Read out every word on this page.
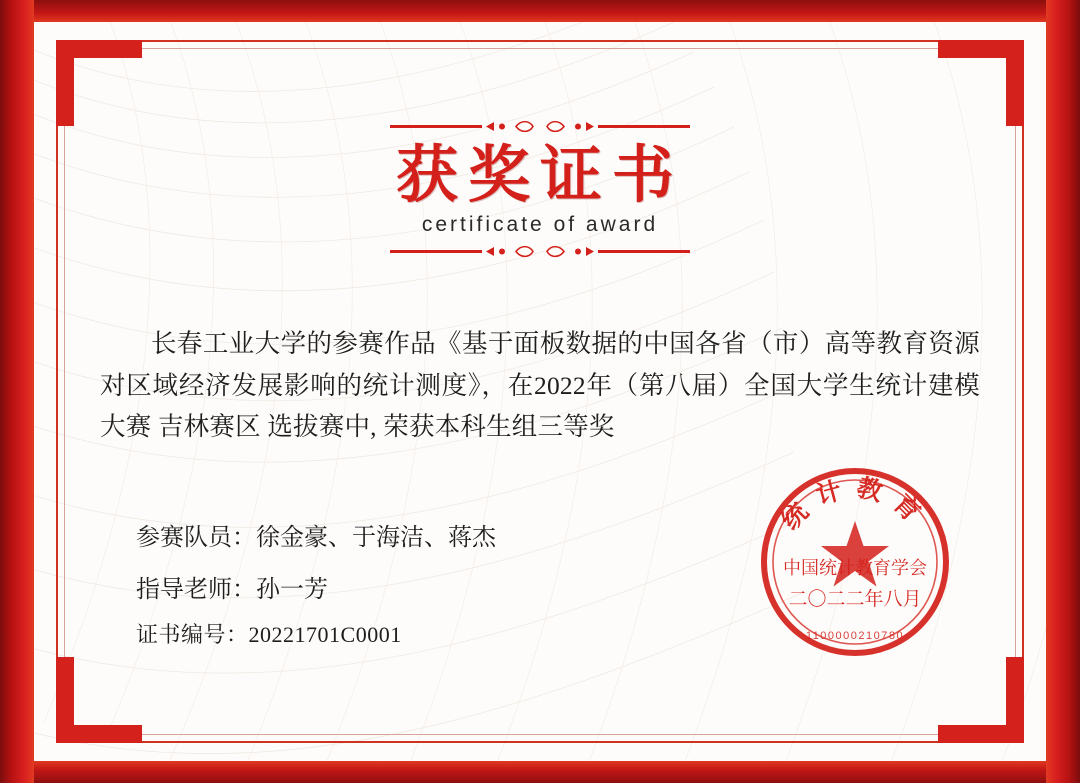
获奖证书
certificate of award
长春工业大学的参赛作品《基于面板数据的中国各省（市）高等教育资源对区域经济发展影响的统计测度》，在2022年（第八届）全国大学生统计建模大赛 吉林赛区 选拔赛中, 荣获本科生组三等奖
参赛队员：徐金豪、于海洁、蒋杰
指导老师：孙一芳
证书编号：20221701C0001
统计教育
中国统计教育学会
二〇二二年八月
1100000210780
